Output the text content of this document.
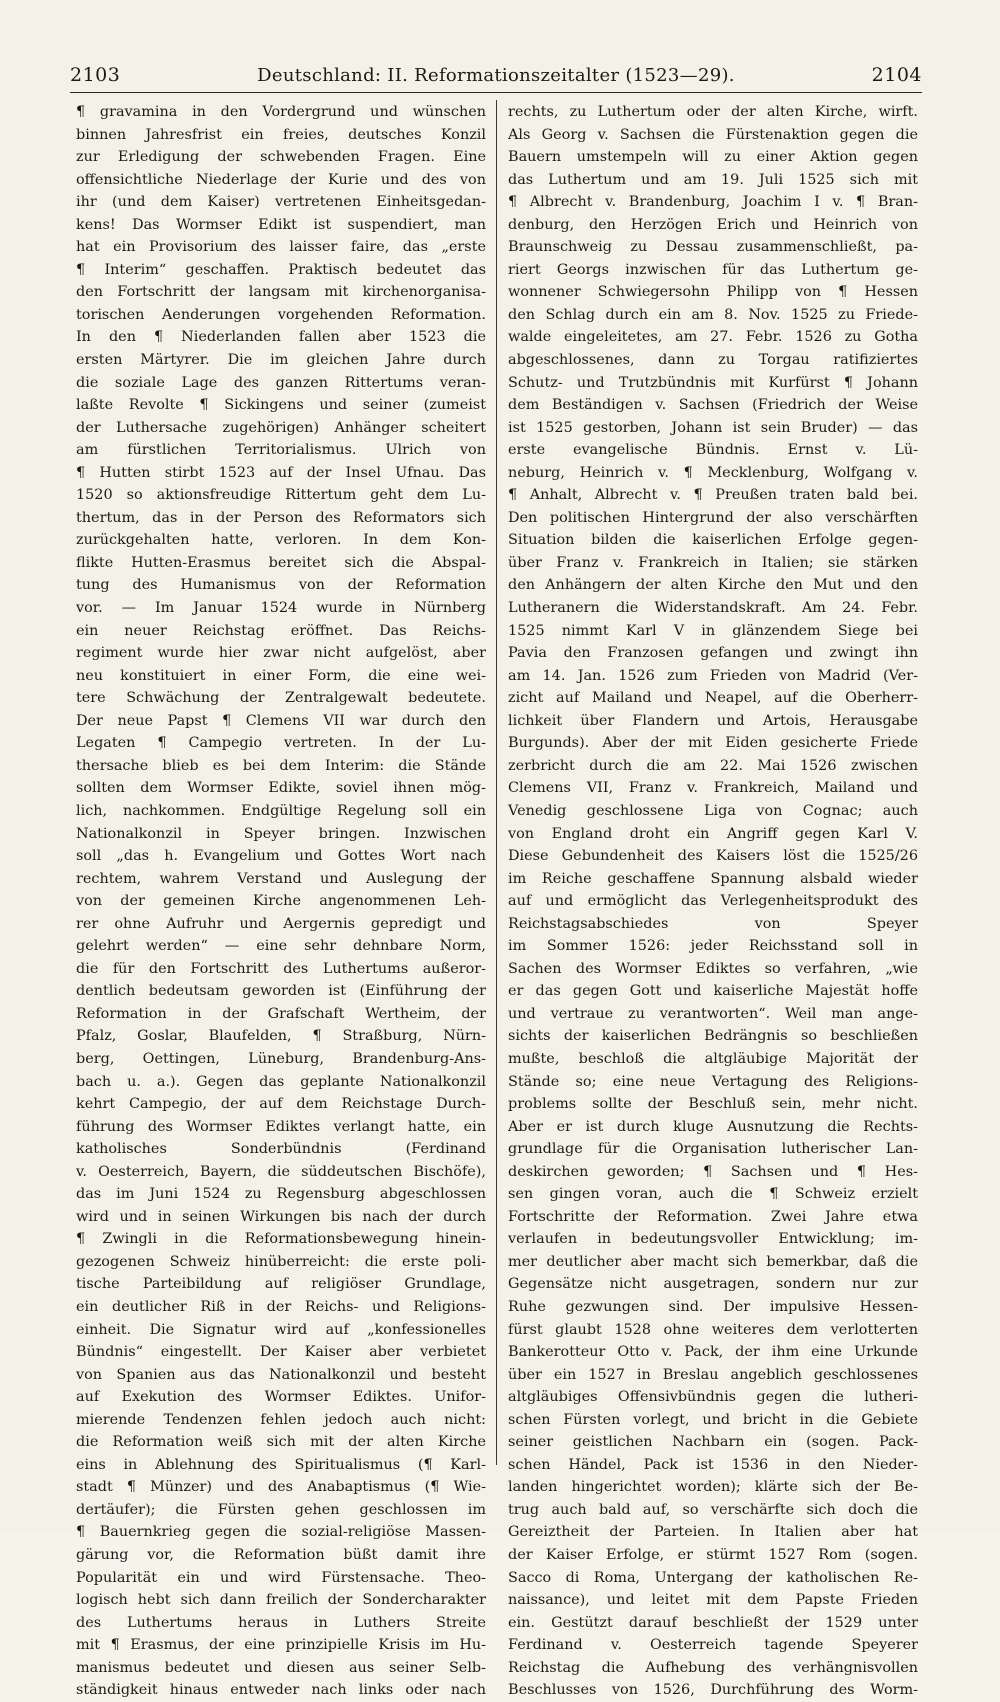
2103	Deutschland: II. Reformationszeitalter (1523—29).	2104
¶ gravamina in den Vordergrund und wünschen
binnen Jahresfrist ein freies, deutsches Konzil
zur Erledigung der schwebenden Fragen. Eine
offensichtliche Niederlage der Kurie und des von
ihr (und dem Kaiser) vertretenen Einheitsgedan-
kens! Das Wormser Edikt ist suspendiert, man
hat ein Provisorium des laisser faire, das „erste
¶ Interim“ geschaffen. Praktisch bedeutet das
den Fortschritt der langsam mit kirchenorganisa-
torischen Aenderungen vorgehenden Reformation.
In den ¶ Niederlanden fallen aber 1523 die
ersten Märtyrer. Die im gleichen Jahre durch
die soziale Lage des ganzen Rittertums veran-
laßte Revolte ¶ Sickingens und seiner (zumeist
der Luthersache zugehörigen) Anhänger scheitert
am fürstlichen Territorialismus. Ulrich von
¶ Hutten stirbt 1523 auf der Insel Ufnau. Das
1520 so aktionsfreudige Rittertum geht dem Lu-
thertum, das in der Person des Reformators sich
zurückgehalten hatte, verloren. In dem Kon-
flikte Hutten-Erasmus bereitet sich die Abspal-
tung des Humanismus von der Reformation
vor. — Im Januar 1524 wurde in Nürnberg
ein neuer Reichstag eröffnet. Das Reichs-
regiment wurde hier zwar nicht aufgelöst, aber
neu konstituiert in einer Form, die eine wei-
tere Schwächung der Zentralgewalt bedeutete.
Der neue Papst ¶ Clemens VII war durch den
Legaten ¶ Campegio vertreten. In der Lu-
thersache blieb es bei dem Interim: die Stände
sollten dem Wormser Edikte, soviel ihnen mög-
lich, nachkommen. Endgültige Regelung soll ein
Nationalkonzil in Speyer bringen. Inzwischen
soll „das h. Evangelium und Gottes Wort nach
rechtem, wahrem Verstand und Auslegung der
von der gemeinen Kirche angenommenen Leh-
rer ohne Aufruhr und Aergernis gepredigt und
gelehrt werden“ — eine sehr dehnbare Norm,
die für den Fortschritt des Luthertums außeror-
dentlich bedeutsam geworden ist (Einführung der
Reformation in der Grafschaft Wertheim, der
Pfalz, Goslar, Blaufelden, ¶ Straßburg, Nürn-
berg, Oettingen, Lüneburg, Brandenburg-Ans-
bach u. a.). Gegen das geplante Nationalkonzil
kehrt Campegio, der auf dem Reichstage Durch-
führung des Wormser Ediktes verlangt hatte, ein
katholisches Sonderbündnis (Ferdinand
v. Oesterreich, Bayern, die süddeutschen Bischöfe),
das im Juni 1524 zu Regensburg abgeschlossen
wird und in seinen Wirkungen bis nach der durch
¶ Zwingli in die Reformationsbewegung hinein-
gezogenen Schweiz hinüberreicht: die erste poli-
tische Parteibildung auf religiöser Grundlage,
ein deutlicher Riß in der Reichs- und Religions-
einheit. Die Signatur wird auf „konfessionelles
Bündnis“ eingestellt. Der Kaiser aber verbietet
von Spanien aus das Nationalkonzil und besteht
auf Exekution des Wormser Ediktes. Unifor-
mierende Tendenzen fehlen jedoch auch nicht:
die Reformation weiß sich mit der alten Kirche
eins in Ablehnung des Spiritualismus (¶ Karl-
stadt ¶ Münzer) und des Anabaptismus (¶ Wie-
dertäufer); die Fürsten gehen geschlossen im
¶ Bauernkrieg gegen die sozial-religiöse Massen-
gärung vor, die Reformation büßt damit ihre
Popularität ein und wird Fürstensache. Theo-
logisch hebt sich dann freilich der Sondercharakter
des Luthertums heraus in Luthers Streite
mit ¶ Erasmus, der eine prinzipielle Krisis im Hu-
manismus bedeutet und diesen aus seiner Selb-
ständigkeit hinaus entweder nach links oder nach
rechts, zu Luthertum oder der alten Kirche, wirft.
Als Georg v. Sachsen die Fürstenaktion gegen die
Bauern umstempeln will zu einer Aktion gegen
das Luthertum und am 19. Juli 1525 sich mit
¶ Albrecht v. Brandenburg, Joachim I v. ¶ Bran-
denburg, den Herzögen Erich und Heinrich von
Braunschweig zu Dessau zusammenschließt, pa-
riert Georgs inzwischen für das Luthertum ge-
wonnener Schwiegersohn Philipp von ¶ Hessen
den Schlag durch ein am 8. Nov. 1525 zu Friede-
walde eingeleitetes, am 27. Febr. 1526 zu Gotha
abgeschlossenes, dann zu Torgau ratifiziertes
Schutz- und Trutzbündnis mit Kurfürst ¶ Johann
dem Beständigen v. Sachsen (Friedrich der Weise
ist 1525 gestorben, Johann ist sein Bruder) — das
erste evangelische Bündnis. Ernst v. Lü-
neburg, Heinrich v. ¶ Mecklenburg, Wolfgang v.
¶ Anhalt, Albrecht v. ¶ Preußen traten bald bei.
Den politischen Hintergrund der also verschärften
Situation bilden die kaiserlichen Erfolge gegen-
über Franz v. Frankreich in Italien; sie stärken
den Anhängern der alten Kirche den Mut und den
Lutheranern die Widerstandskraft. Am 24. Febr.
1525 nimmt Karl V in glänzendem Siege bei
Pavia den Franzosen gefangen und zwingt ihn
am 14. Jan. 1526 zum Frieden von Madrid (Ver-
zicht auf Mailand und Neapel, auf die Oberherr-
lichkeit über Flandern und Artois, Herausgabe
Burgunds). Aber der mit Eiden gesicherte Friede
zerbricht durch die am 22. Mai 1526 zwischen
Clemens VII, Franz v. Frankreich, Mailand und
Venedig geschlossene Liga von Cognac; auch
von England droht ein Angriff gegen Karl V.
Diese Gebundenheit des Kaisers löst die 1525/26
im Reiche geschaffene Spannung alsbald wieder
auf und ermöglicht das Verlegenheitsprodukt des
Reichstagsabschiedes von Speyer
im Sommer 1526: jeder Reichsstand soll in
Sachen des Wormser Ediktes so verfahren, „wie
er das gegen Gott und kaiserliche Majestät hoffe
und vertraue zu verantworten“. Weil man ange-
sichts der kaiserlichen Bedrängnis so beschließen
mußte, beschloß die altgläubige Majorität der
Stände so; eine neue Vertagung des Religions-
problems sollte der Beschluß sein, mehr nicht.
Aber er ist durch kluge Ausnutzung die Rechts-
grundlage für die Organisation lutherischer Lan-
deskirchen geworden; ¶ Sachsen und ¶ Hes-
sen gingen voran, auch die ¶ Schweiz erzielt
Fortschritte der Reformation. Zwei Jahre etwa
verlaufen in bedeutungsvoller Entwicklung; im-
mer deutlicher aber macht sich bemerkbar, daß die
Gegensätze nicht ausgetragen, sondern nur zur
Ruhe gezwungen sind. Der impulsive Hessen-
fürst glaubt 1528 ohne weiteres dem verlotterten
Bankerotteur Otto v. Pack, der ihm eine Urkunde
über ein 1527 in Breslau angeblich geschlossenes
altgläubiges Offensivbündnis gegen die lutheri-
schen Fürsten vorlegt, und bricht in die Gebiete
seiner geistlichen Nachbarn ein (sogen. Pack-
schen Händel, Pack ist 1536 in den Nieder-
landen hingerichtet worden); klärte sich der Be-
trug auch bald auf, so verschärfte sich doch die
Gereiztheit der Parteien. In Italien aber hat
der Kaiser Erfolge, er stürmt 1527 Rom (sogen.
Sacco di Roma, Untergang der katholischen Re-
naissance), und leitet mit dem Papste Frieden
ein. Gestützt darauf beschließt der 1529 unter
Ferdinand v. Oesterreich tagende Speyerer
Reichstag die Aufhebung des verhängnisvollen
Beschlusses von 1526, Durchführung des Worm-
